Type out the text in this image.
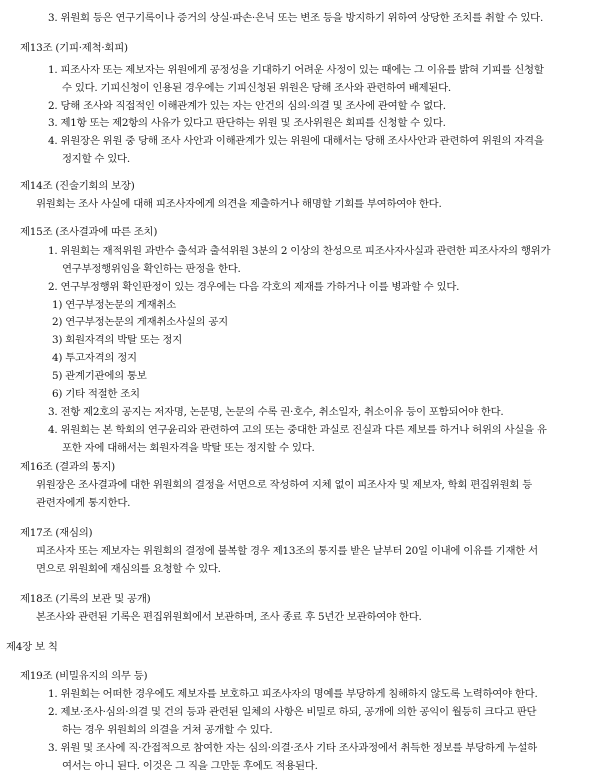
3. 위원회 등은 연구기록이나 증거의 상실·파손·은닉 또는 변조 등을 방지하기 위하여 상당한 조치를 취할 수 있다.
제13조 (기피·제척·회피)
1. 피조사자 또는 제보자는 위원에게 공정성을 기대하기 어려운 사정이 있는 때에는 그 이유를 밝혀 기피를 신청할
수 있다. 기피신청이 인용된 경우에는 기피신청된 위원은 당해 조사와 관련하여 배제된다.
2. 당해 조사와 직접적인 이해관계가 있는 자는 안건의 심의·의결 및 조사에 관여할 수 없다.
3. 제1항 또는 제2항의 사유가 있다고 판단하는 위원 및 조사위원은 회피를 신청할 수 있다.
4. 위원장은 위원 중 당해 조사 사안과 이해관계가 있는 위원에 대해서는 당해 조사사안과 관련하여 위원의 자격을
정지할 수 있다.
제14조 (진술기회의 보장)
위원회는 조사 사실에 대해 피조사자에게 의견을 제출하거나 해명할 기회를 부여하여야 한다.
제15조 (조사결과에 따른 조치)
1. 위원회는 재적위원 과반수 출석과 출석위원 3분의 2 이상의 찬성으로 피조사자사실과 관련한 피조사자의 행위가
연구부정행위임을 확인하는 판정을 한다.
2. 연구부정행위 확인판정이 있는 경우에는 다음 각호의 제재를 가하거나 이를 병과할 수 있다.
1) 연구부정논문의 게재취소
2) 연구부정논문의 게재취소사실의 공지
3) 회원자격의 박탈 또는 정지
4) 투고자격의 정지
5) 관계기관에의 통보
6) 기타 적절한 조치
3. 전항 제2호의 공지는 저자명, 논문명, 논문의 수록 권·호수, 취소일자, 취소이유 등이 포함되어야 한다.
4. 위원회는 본 학회의 연구윤리와 관련하여 고의 또는 중대한 과실로 진실과 다른 제보를 하거나 허위의 사실을 유
포한 자에 대해서는 회원자격을 박탈 또는 정지할 수 있다.
제16조 (결과의 통지)
위원장은 조사결과에 대한 위원회의 결정을 서면으로 작성하여 지체 없이 피조사자 및 제보자, 학회 편집위원회 등
관련자에게 통지한다.
제17조 (재심의)
피조사자 또는 제보자는 위원회의 결정에 불복할 경우 제13조의 통지를 받은 날부터 20일 이내에 이유를 기재한 서
면으로 위원회에 재심의를 요청할 수 있다.
제18조 (기록의 보관 및 공개)
본조사와 관련된 기록은 편집위원회에서 보관하며, 조사 종료 후 5년간 보관하여야 한다.
제4장 보 칙
제19조 (비밀유지의 의무 등)
1. 위원회는 어떠한 경우에도 제보자를 보호하고 피조사자의 명예를 부당하게 침해하지 않도록 노력하여야 한다.
2. 제보·조사·심의·의결 및 건의 등과 관련된 일체의 사항은 비밀로 하되, 공개에 의한 공익이 월등히 크다고 판단
하는 경우 위원회의 의결을 거쳐 공개할 수 있다.
3. 위원 및 조사에 직·간접적으로 참여한 자는 심의·의결·조사 기타 조사과정에서 취득한 정보를 부당하게 누설하
여서는 아니 된다. 이것은 그 직을 그만둔 후에도 적용된다.
